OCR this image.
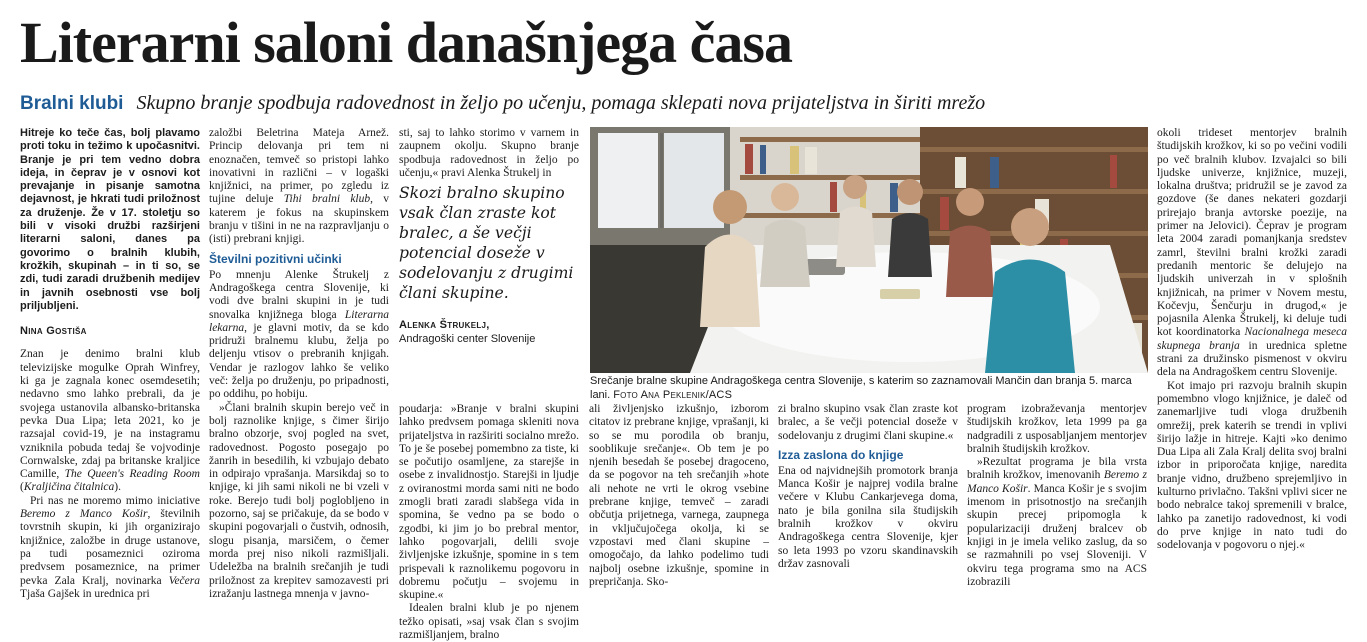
Literarni saloni današnjega časa
Bralni klubi Skupno branje spodbuja radovednost in željo po učenju, pomaga sklepati nova prijateljstva in širiti mrežo

Hitreje ko teče čas, bolj plavamo proti toku in težimo k upočasnitvi. Branje je pri tem vedno dobra ideja, in čeprav je v osnovi kot prevajanje in pisanje samotna dejavnost, je hkrati tudi priložnost za druženje. Že v 17. stoletju so bili v visoki družbi razširjeni literarni saloni, danes pa govorimo o bralnih klubih, krožkih, skupinah – in ti so, se zdi, tudi zaradi družbenih medijev in javnih osebnosti vse bolj priljubljeni.

Nina Gostiša

Znan je denimo bralni klub televizijske mogulke Oprah Winfrey, ki ga je zagnala konec osemdesetih; nedavno smo lahko prebrali, da je svojega ustanovila albansko-britanska pevka Dua Lipa; leta 2021, ko je razsajal covid-19, je na instagramu vzniknila pobuda tedaj še vojvodinje Cornwalske, zdaj pa britanske kraljice Camille, The Queen's Reading Room (Kraljičina čitalnica).

Pri nas ne moremo mimo iniciative Beremo z Manco Košir, številnih tovrstnih skupin, ki jih organizirajo knjižnice, založbe in druge ustanove, pa tudi posameznici oziroma predvsem posameznice, na primer pevka Zala Kralj, novinarka Večera Tjaša Gajšek in urednica pri

založbi Beletrina Mateja Arnež. Princip delovanja pri tem ni enoznačen, temveč so pristopi lahko inovativni in različni – v logaški knjižnici, na primer, po zgledu iz tujine deluje Tihi bralni klub, v katerem je fokus na skupinskem branju v tišini in ne na razpravljanju o (isti) prebrani knjigi.

Številni pozitivni učinki

Po mnenju Alenke Štrukelj z Andragoškega centra Slovenije, ki vodi dve bralni skupini in je tudi snovalka knjižnega bloga Literarna lekarna, je glavni motiv, da se kdo pridruži bralnemu klubu, želja po deljenju vtisov o prebranih knjigah. Vendar je razlogov lahko še veliko več: želja po druženju, po pripadnosti, po oddihu, po hobiju.

»Člani bralnih skupin berejo več in bolj raznolike knjige, s čimer širijo bralno obzorje, svoj pogled na svet, radovednost. Pogosto posegajo po žanrih in besedilih, ki vzbujajo debato in odpirajo vprašanja. Marsikdaj so to knjige, ki jih sami nikoli ne bi vzeli v roke. Berejo tudi bolj poglobljeno in pozorno, saj se pričakuje, da se bodo v skupini pogovarjali o čustvih, odnosih, slogu pisanja, marsičem, o čemer morda prej niso nikoli razmišljali. Udeležba na bralnih srečanjih je tudi priložnost za krepitev samozavesti pri izražanju lastnega mnenja v javno-

sti, saj to lahko storimo v varnem in zaupnem okolju. Skupno branje spodbuja radovednost in željo po učenju,« pravi Alenka Štrukelj in

Skozi bralno skupino vsak član zraste kot bralec, a še večji potencial doseže v sodelovanju z drugimi člani skupine.
Alenka Štrukelj,
Andragoški center Slovenije
Srečanje bralne skupine Andragoškega centra Slovenije, s katerim so zaznamovali Mančin dan branja 5. marca lani. Foto Ana Peklenik/ACS

poudarja: »Branje v bralni skupini lahko predvsem pomaga skleniti nova prijateljstva in razširiti socialno mrežo. To je še posebej pomembno za tiste, ki se počutijo osamljene, za starejše in osebe z invalidnostjo. Starejši in ljudje z oviranostmi morda sami niti ne bodo zmogli brati zaradi slabšega vida in spomina, še vedno pa se bodo o zgodbi, ki jim jo bo prebral mentor, lahko pogovarjali, delili svoje življenjske izkušnje, spomine in s tem prispevali k raznolikemu pogovoru in dobremu počutju – svojemu in skupine.«

Idealen bralni klub je po njenem težko opisati, »saj vsak član s svojim razmišljanjem, bralno

ali življenjsko izkušnjo, izborom citatov iz prebrane knjige, vprašanji, ki so se mu porodila ob branju, sooblikuje srečanje«. Ob tem je po njenih besedah še posebej dragoceno, da se pogovor na teh srečanjih »hote ali nehote ne vrti le okrog vsebine prebrane knjige, temveč – zaradi občutja prijetnega, varnega, zaupnega in vključujočega okolja, ki se vzpostavi med člani skupine – omogočajo, da lahko podelimo tudi najbolj osebne izkušnje, spomine in prepričanja. Sko-

zi bralno skupino vsak član zraste kot bralec, a še večji potencial doseže v sodelovanju z drugimi člani skupine.«

Izza zaslona do knjige

Ena od najvidnejših promotork branja Manca Košir je najprej vodila bralne večere v Klubu Cankarjevega doma, nato je bila gonilna sila študijskih bralnih krožkov v okviru Andragoškega centra Slovenije, kjer so leta 1993 po vzoru skandinavskih držav zasnovali

program izobraževanja mentorjev študijskih krožkov, leta 1999 pa ga nadgradili z usposabljanjem mentorjev bralnih študijskih krožkov.

»Rezultat programa je bila vrsta bralnih krožkov, imenovanih Beremo z Manco Košir. Manca Košir je s svojim imenom in prisotnostjo na srečanjih skupin precej pripomogla k popularizaciji druženj bralcev ob knjigi in je imela veliko zaslug, da so se razmahnili po vsej Sloveniji. V okviru tega programa smo na ACS izobrazili

okoli trideset mentorjev bralnih študijskih krožkov, ki so po večini vodili po več bralnih klubov. Izvajalci so bili ljudske univerze, knjižnice, muzeji, lokalna društva; pridružil se je zavod za gozdove (še danes nekateri gozdarji prirejajo branja avtorske poezije, na primer na Jelovici). Čeprav je program leta 2004 zaradi pomanjkanja sredstev zamrl, številni bralni krožki zaradi predanih mentoric še delujejo na ljudskih univerzah in v splošnih knjižnicah, na primer v Novem mestu, Kočevju, Šenčurju in drugod,« je pojasnila Alenka Štrukelj, ki deluje tudi kot koordinatorka Nacionalnega meseca skupnega branja in urednica spletne strani za družinsko pismenost v okviru dela na Andragoškem centru Slovenije.

Kot imajo pri razvoju bralnih skupin pomembno vlogo knjižnice, je daleč od zanemarljive tudi vloga družbenih omrežij, prek katerih se trendi in vplivi širijo lažje in hitreje. Kajti »ko denimo Dua Lipa ali Zala Kralj delita svoj bralni izbor in priporočata knjige, naredita branje vidno, družbeno sprejemljivo in kulturno privlačno. Takšni vplivi sicer ne bodo nebralce takoj spremenili v bralce, lahko pa zanetijo radovednost, ki vodi do prve knjige in nato tudi do sodelovanja v pogovoru o njej.«
